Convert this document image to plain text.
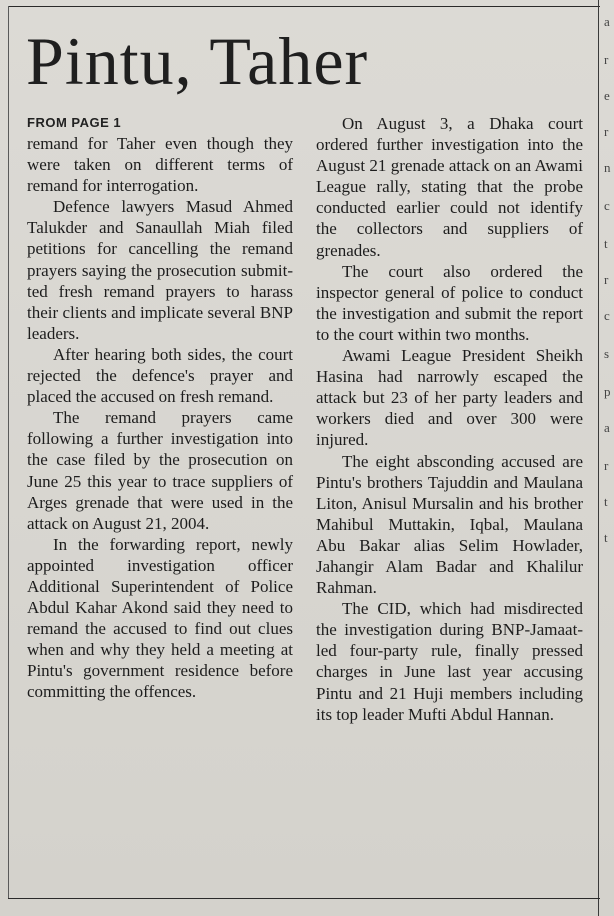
a
r
e
r
n
c
t
r
c
s
p
a
r
t
t
Pintu, Taher
FROM PAGE 1

remand for Taher even though they were taken on different terms of remand for interrogation.

Defence lawyers Masud Ahmed Talukder and Sanaullah Miah filed petitions for cancelling the remand prayers saying the prosecution submitted fresh remand prayers to harass their clients and implicate several BNP leaders.

After hearing both sides, the court rejected the defence's prayer and placed the accused on fresh remand.

The remand prayers came following a further investigation into the case filed by the prosecution on June 25 this year to trace suppliers of Arges grenade that were used in the attack on August 21, 2004.

In the forwarding report, newly appointed investigation officer Additional Superintendent of Police Abdul Kahar Akond said they need to remand the accused to find out clues when and why they held a meeting at Pintu's government residence before committing the offences.

On August 3, a Dhaka court ordered further investigation into the August 21 grenade attack on an Awami League rally, stating that the probe conducted earlier could not identify the collectors and suppliers of grenades.

The court also ordered the inspector general of police to conduct the investigation and submit the report to the court within two months.

Awami League President Sheikh Hasina had narrowly escaped the attack but 23 of her party leaders and workers died and over 300 were injured.

The eight absconding accused are Pintu's brothers Tajuddin and Maulana Liton, Anisul Mursalin and his brother Mahibul Muttakin, Iqbal, Maulana Abu Bakar alias Selim Howlader, Jahangir Alam Badar and Khalilur Rahman.

The CID, which had misdirected the investigation during BNP-Jamaat-led four-party rule, finally pressed charges in June last year accusing Pintu and 21 Huji members including its top leader Mufti Abdul Hannan.
